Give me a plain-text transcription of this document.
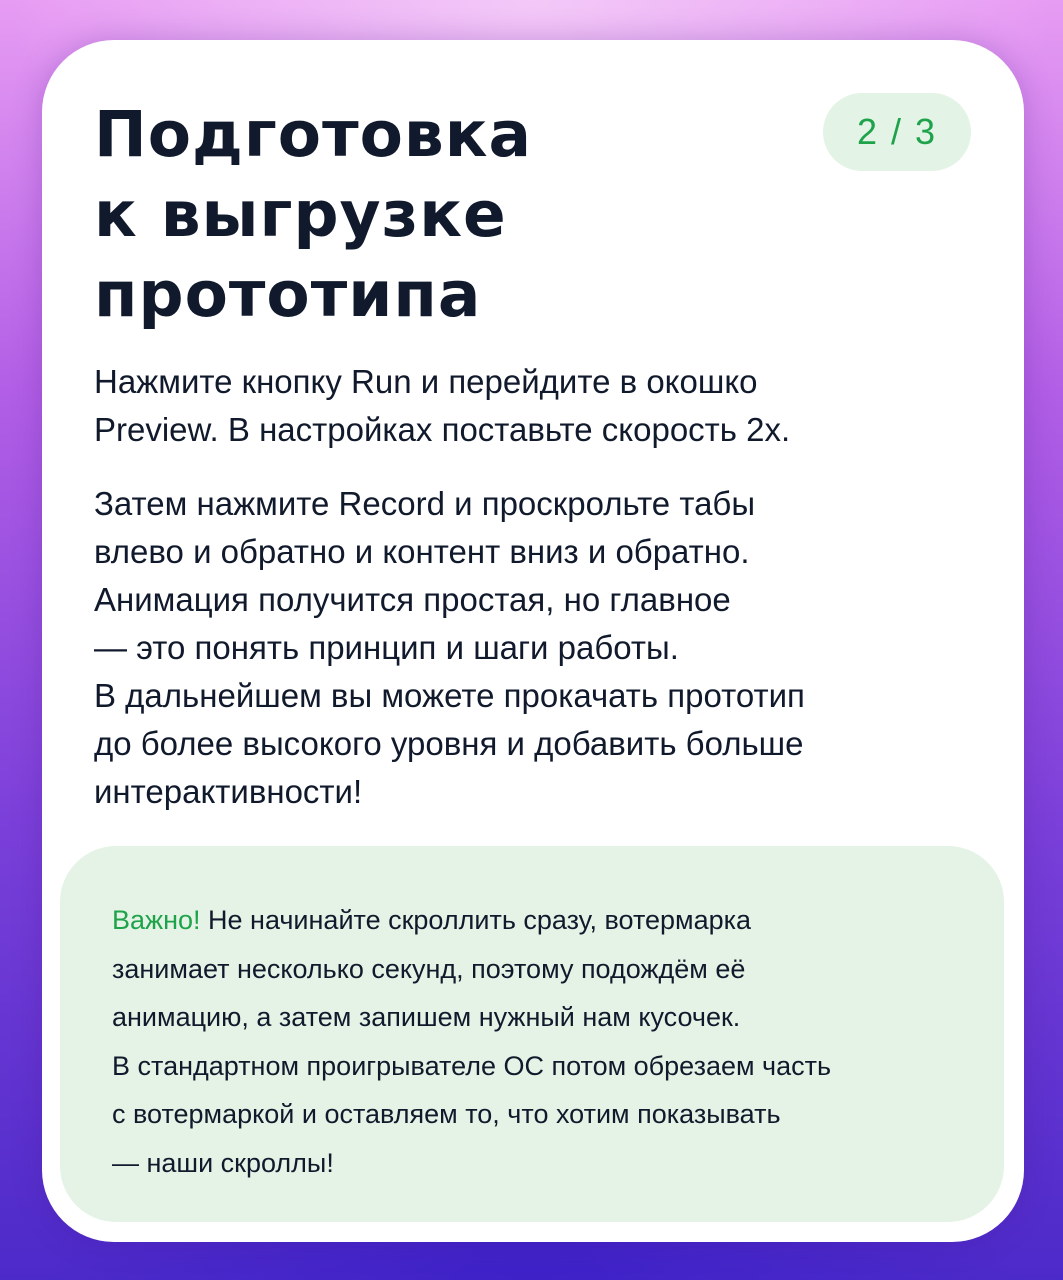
Подготовка
к выгрузке
прототипа
2 / 3
Нажмите кнопку Run и перейдите в окошко
Preview. В настройках поставьте скорость 2х.
Затем нажмите Record и проскрольте табы
влево и обратно и контент вниз и обратно.
Анимация получится простая, но главное
— это понять принцип и шаги работы.
В дальнейшем вы можете прокачать прототип
до более высокого уровня и добавить больше
интерактивности!
Важно! Не начинайте скроллить сразу, вотермарка
занимает несколько секунд, поэтому подождём её
анимацию, а затем запишем нужный нам кусочек.
В стандартном проигрывателе ОС потом обрезаем часть
с вотермаркой и оставляем то, что хотим показывать
— наши скроллы!
